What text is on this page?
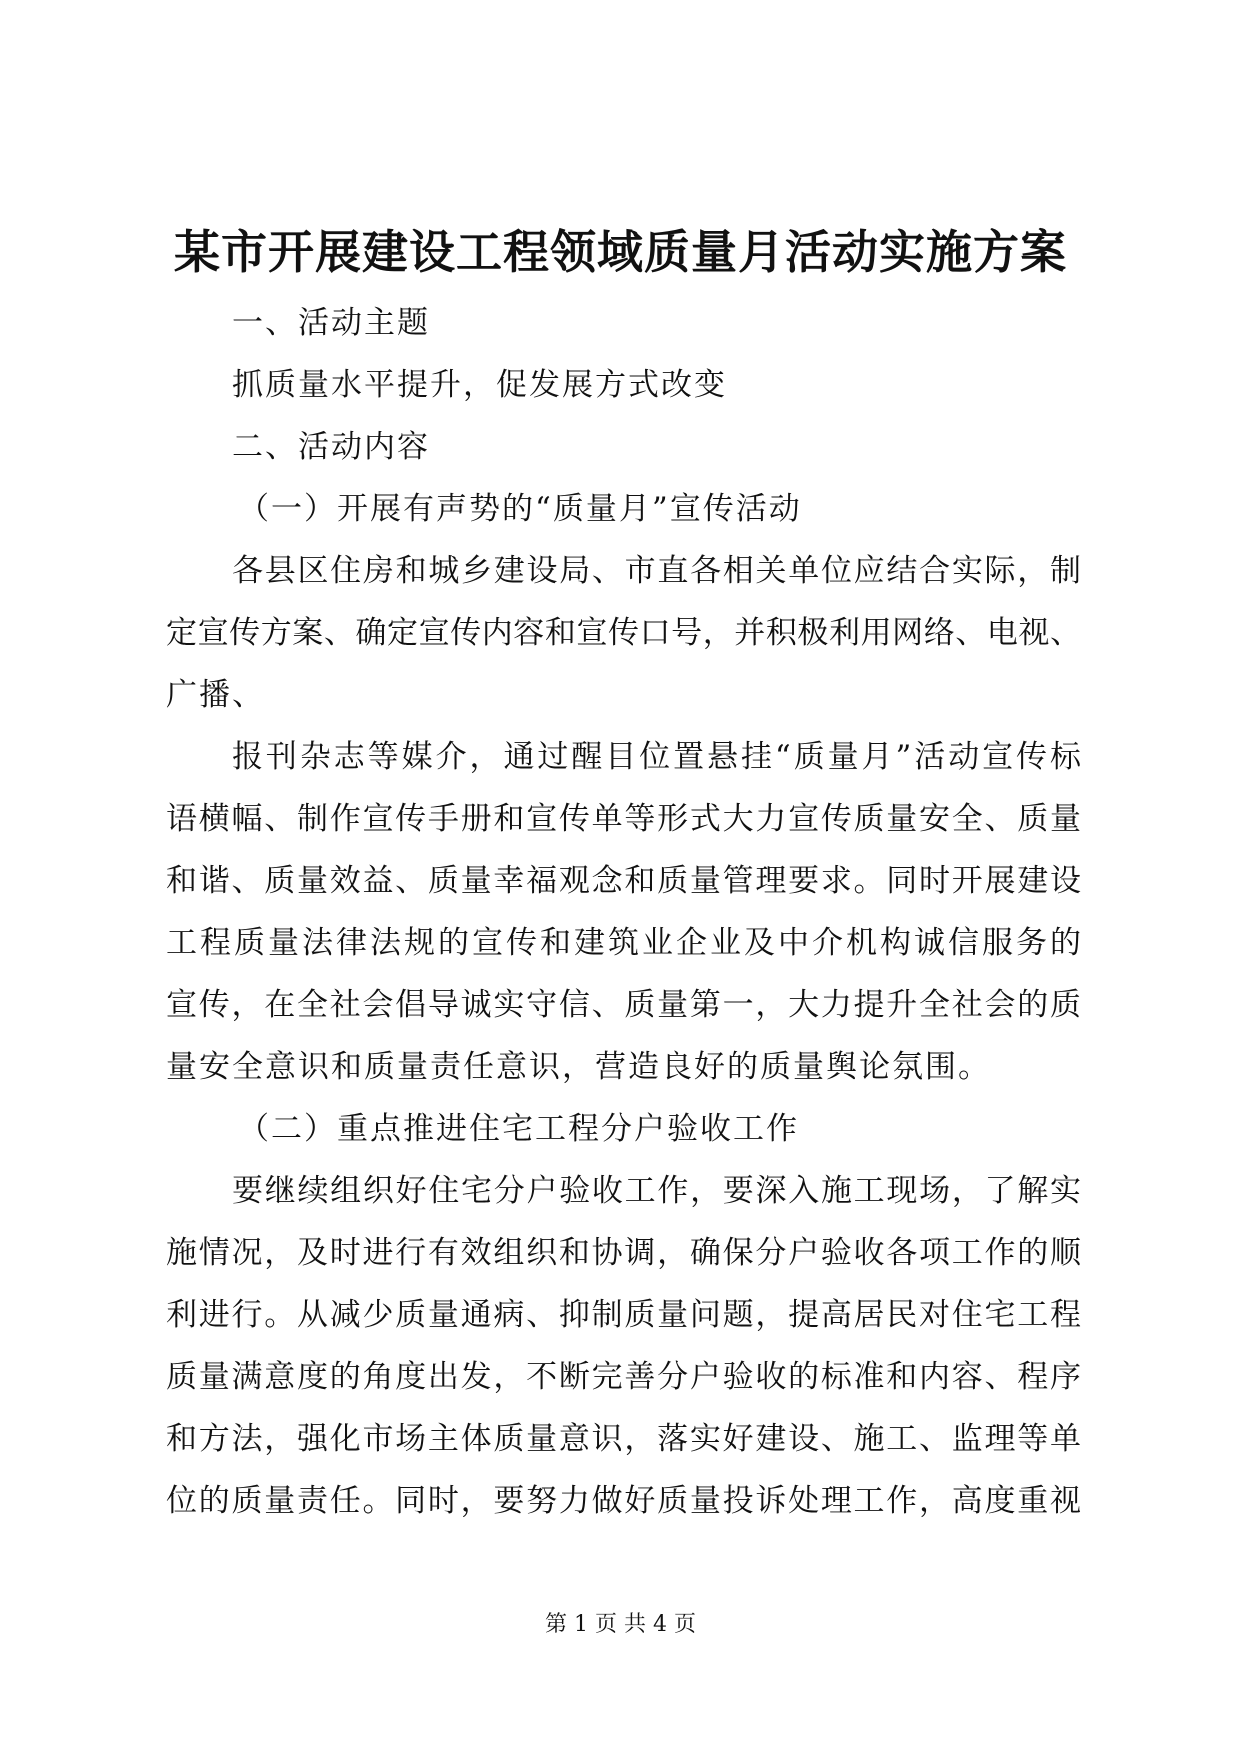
某市开展建设工程领域质量月活动实施方案

一、活动主题

抓质量水平提升，促发展方式改变

二、活动内容

（一）开展有声势的“质量月”宣传活动

各县区住房和城乡建设局、市直各相关单位应结合实际，制

定宣传方案、确定宣传内容和宣传口号，并积极利用网络、电视、

广播、

报刊杂志等媒介，通过醒目位置悬挂“质量月”活动宣传标

语横幅、制作宣传手册和宣传单等形式大力宣传质量安全、质量

和谐、质量效益、质量幸福观念和质量管理要求。同时开展建设

工程质量法律法规的宣传和建筑业企业及中介机构诚信服务的

宣传，在全社会倡导诚实守信、质量第一，大力提升全社会的质

量安全意识和质量责任意识，营造良好的质量舆论氛围。

（二）重点推进住宅工程分户验收工作

要继续组织好住宅分户验收工作，要深入施工现场，了解实

施情况，及时进行有效组织和协调，确保分户验收各项工作的顺

利进行。从减少质量通病、抑制质量问题，提高居民对住宅工程

质量满意度的角度出发，不断完善分户验收的标准和内容、程序

和方法，强化市场主体质量意识，落实好建设、施工、监理等单

位的质量责任。同时，要努力做好质量投诉处理工作，高度重视

第 1 页 共 4 页
